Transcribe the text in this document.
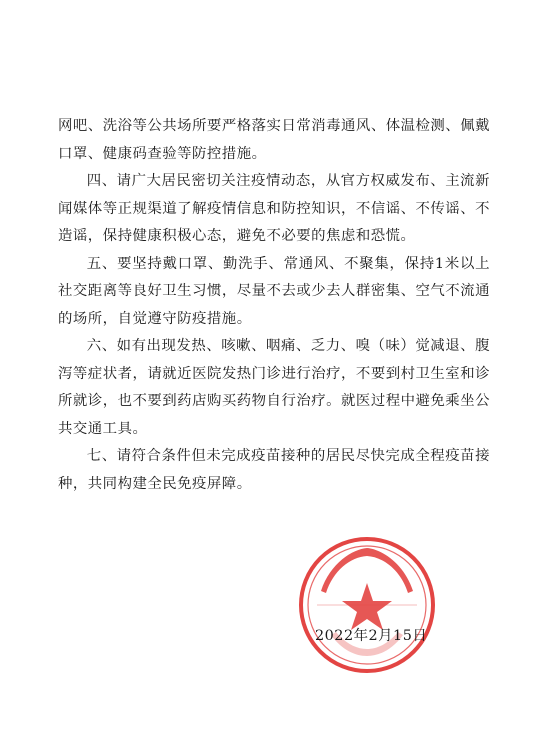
网吧、洗浴等公共场所要严格落实日常消毒通风、体温检测、佩戴口罩、健康码查验等防控措施。

四、请广大居民密切关注疫情动态，从官方权威发布、主流新闻媒体等正规渠道了解疫情信息和防控知识，不信谣、不传谣、不造谣，保持健康积极心态，避免不必要的焦虑和恐慌。

五、要坚持戴口罩、勤洗手、常通风、不聚集，保持1米以上社交距离等良好卫生习惯，尽量不去或少去人群密集、空气不流通的场所，自觉遵守防疫措施。

六、如有出现发热、咳嗽、咽痛、乏力、嗅（味）觉减退、腹泻等症状者，请就近医院发热门诊进行治疗，不要到村卫生室和诊所就诊，也不要到药店购买药物自行治疗。就医过程中避免乘坐公共交通工具。

七、请符合条件但未完成疫苗接种的居民尽快完成全程疫苗接种，共同构建全民免疫屏障。

2022年2月15日
